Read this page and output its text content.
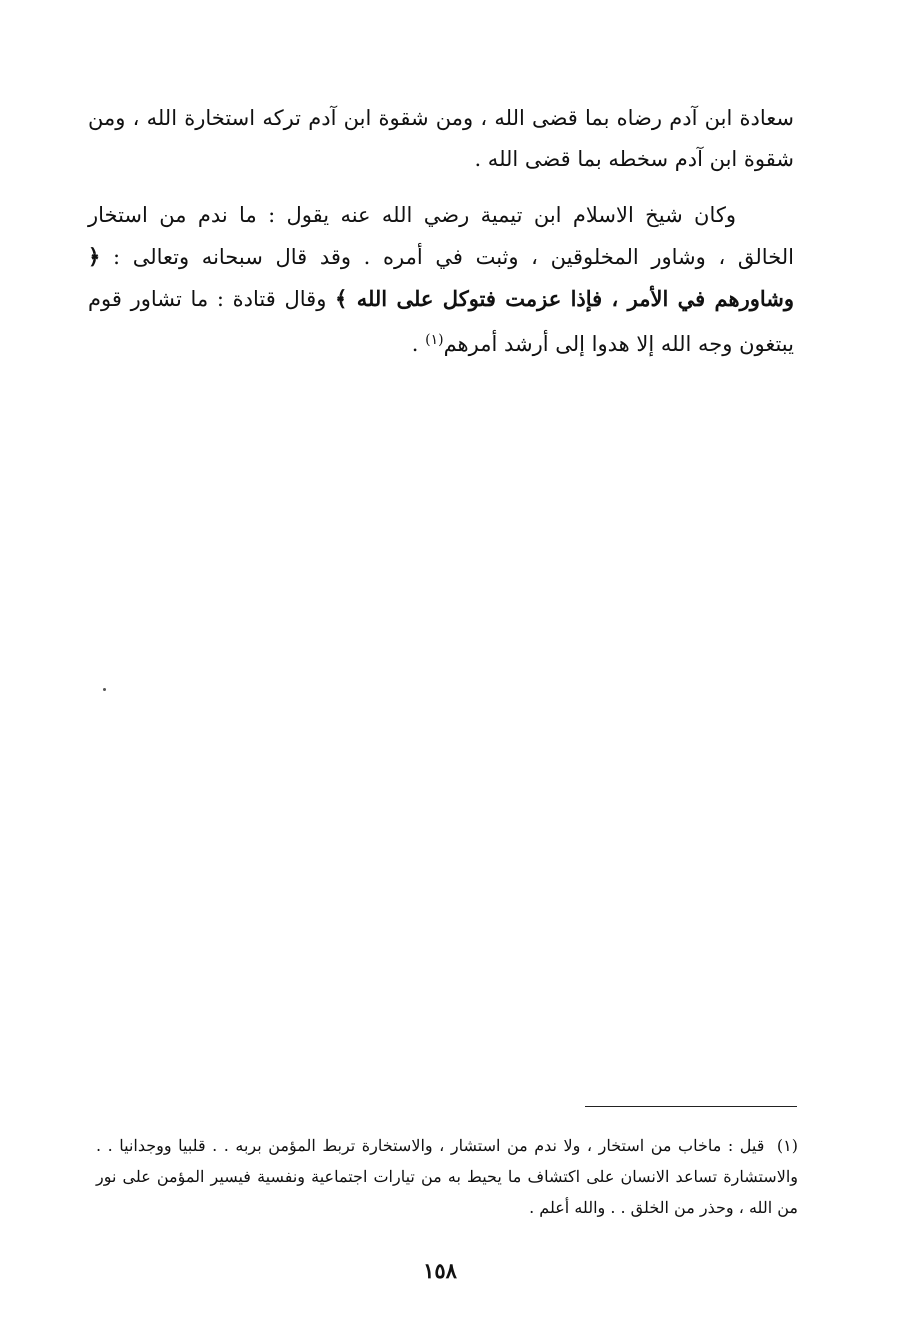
سعادة ابن آدم رضاه بما قضى الله ، ومن شقوة ابن آدم تركه استخارة الله ، ومن شقوة ابن آدم سخطه بما قضى الله .

وكان شيخ الاسلام ابن تيمية رضي الله عنه يقول : ما ندم من استخار الخالق ، وشاور المخلوقين ، وثبت في أمره . وقد قال سبحانه وتعالى : ﴿ وشاورهم في الأمر ، فإذا عزمت فتوكل على الله ﴾ وقال قتادة : ما تشاور قوم يبتغون وجه الله إلا هدوا إلى أرشد أمرهم$^{(١)}$ .

(١) قيل : ماخاب من استخار ، ولا ندم من استشار ، والاستخارة تربط المؤمن بربه . . قلبيا ووجدانيا . . والاستشارة تساعد الانسان على اكتشاف ما يحيط به من تيارات اجتماعية ونفسية فيسير المؤمن على نور من الله ، وحذر من الخلق . . والله أعلم .
١٥٨
